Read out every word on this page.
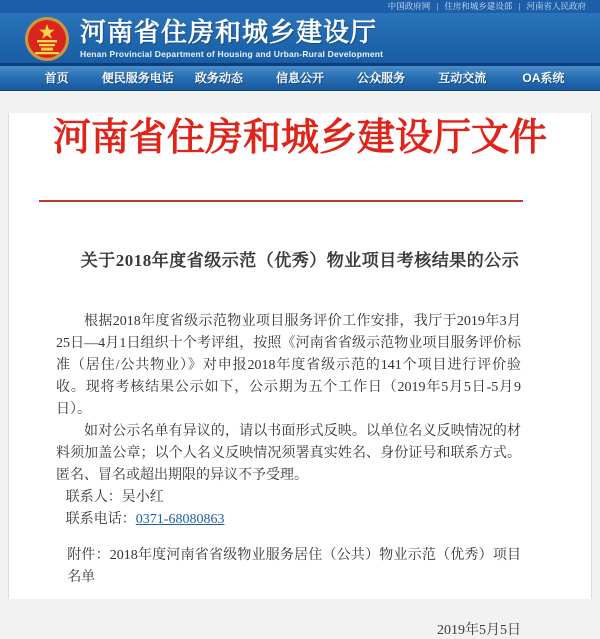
中国政府网 | 住房和城乡建设部 | 河南省人民政府
河南省住房和城乡建设厅
Henan Provincial Department of Housing and Urban-Rural Development
首页	便民服务电话	政务动态	信息公开	公众服务	互动交流	OA系统
河南省住房和城乡建设厅文件
关于2018年度省级示范（优秀）物业项目考核结果的公示

根据2018年度省级示范物业项目服务评价工作安排，我厅于2019年3月25日—4月1日组织十个考评组，按照《河南省省级示范物业项目服务评价标准（居住/公共物业）》对申报2018年度省级示范的141个项目进行评价验收。现将考核结果公示如下，公示期为五个工作日（2019年5月5日-5月9日）。

如对公示名单有异议的，请以书面形式反映。以单位名义反映情况的材料须加盖公章；以个人名义反映情况须署真实姓名、身份证号和联系方式。匿名、冒名或超出期限的异议不予受理。

联系人：吴小红
联系电话：0371-68080863
附件：2018年度河南省省级物业服务居住（公共）物业示范（优秀）项目名单
2019年5月5日
